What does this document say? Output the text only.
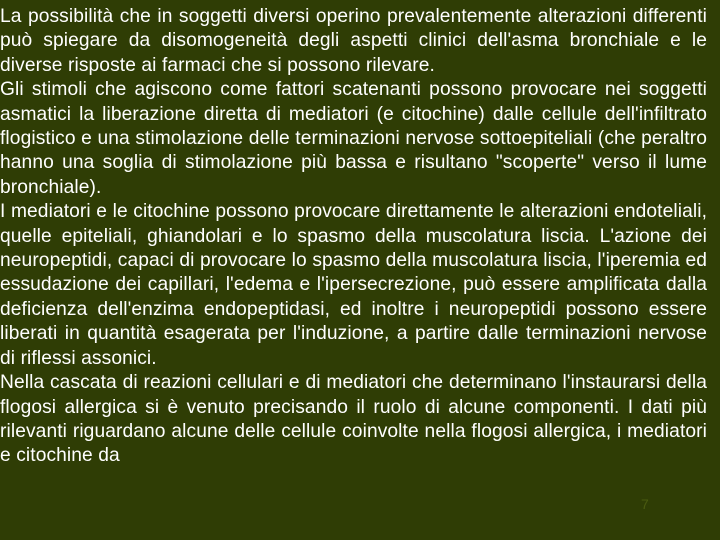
La possibilità che in soggetti diversi operino prevalentemente alterazioni differenti può spiegare da disomogeneità degli aspetti clinici dell'asma bronchiale e le diverse risposte ai farmaci che si possono rilevare.

Gli stimoli che agiscono come fattori scatenanti possono provocare nei soggetti asmatici la liberazione diretta di mediatori (e citochine) dalle cellule dell'infiltrato flogistico e una stimolazione delle terminazioni nervose sottoepiteliali (che peraltro hanno una soglia di stimolazione più bassa e risultano "scoperte" verso il lume bronchiale).

I mediatori e le citochine possono provocare direttamente le alterazioni endoteliali, quelle epiteliali, ghiandolari e lo spasmo della muscolatura liscia. L'azione dei neuropeptidi, capaci di provocare lo spasmo della muscolatura liscia, l'iperemia ed essudazione dei capillari, l'edema e l'ipersecrezione, può essere amplificata dalla deficienza dell'enzima endopeptidasi, ed inoltre i neuropeptidi possono essere liberati in quantità esagerata per l'induzione, a partire dalle terminazioni nervose di riflessi assonici.

Nella cascata di reazioni cellulari e di mediatori che determinano l'instaurarsi della flogosi allergica si è venuto precisando il ruolo di alcune componenti. I dati più rilevanti riguardano alcune delle cellule coinvolte nella flogosi allergica, i mediatori e citochine da

7
